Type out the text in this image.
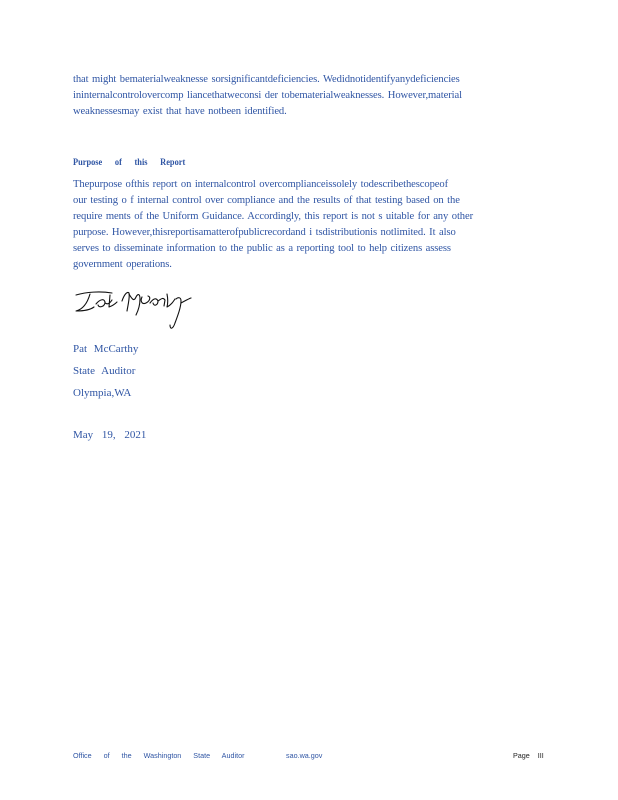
that might bematerialweaknesse sorsignificantdeficiencies. Wedidnotidentifyanydeficiencies
ininternalcontrolovercomp liancethatweconsi der tobematerialweaknesses. However,material
weaknessesmay exist that have notbeen identified.

Purpose of this Report

Thepurpose ofthis report on internalcontrol overcomplianceissolely todescribethescopeof
our testing o f internal control over compliance and the results of that testing based on the
require ments of the Uniform Guidance. Accordingly, this report is not s uitable for any other
purpose. However,thisreportisamatterofpublicrecordand i tsdistributionis notlimited. It also
serves to disseminate information to the public as a reporting tool to help citizens assess
government operations.

Pat McCarthy
State Auditor
Olympia,WA
May 19, 2021
Office of the Washington State Auditor	sao.wa.gov	Page III
